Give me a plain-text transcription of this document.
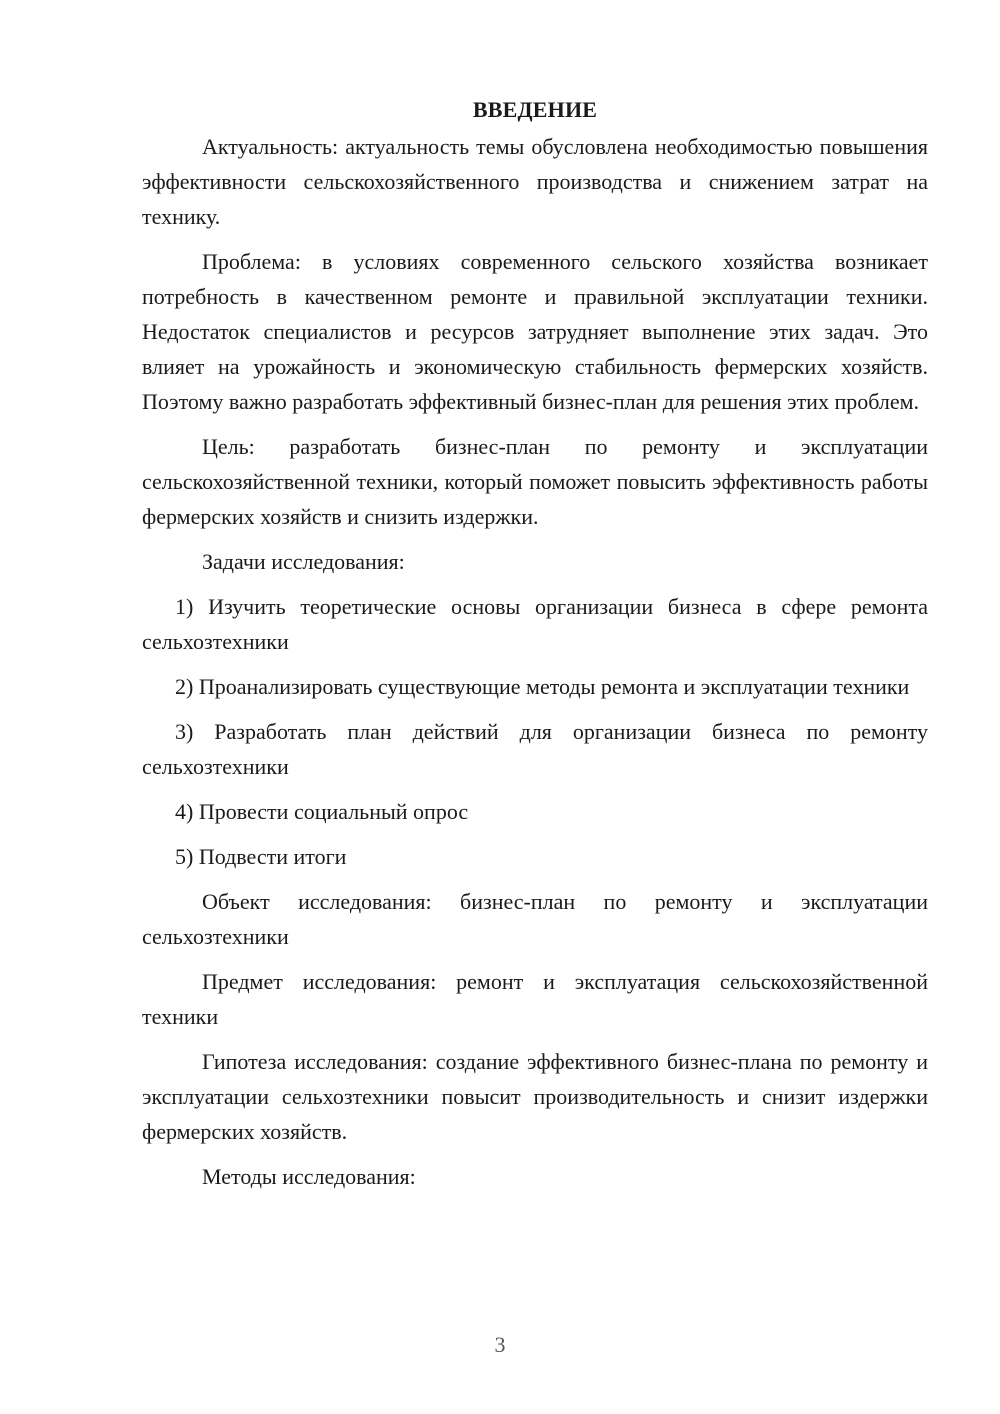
ВВЕДЕНИЕ

Актуальность: актуальность темы обусловлена необходимостью повышения эффективности сельскохозяйственного производства и снижением затрат на технику.

Проблема: в условиях современного сельского хозяйства возникает потребность в качественном ремонте и правильной эксплуатации техники. Недостаток специалистов и ресурсов затрудняет выполнение этих задач. Это влияет на урожайность и экономическую стабильность фермерских хозяйств. Поэтому важно разработать эффективный бизнес-план для решения этих проблем.

Цель: разработать бизнес-план по ремонту и эксплуатации сельскохозяйственной техники, который поможет повысить эффективность работы фермерских хозяйств и снизить издержки.

Задачи исследования:

1) Изучить теоретические основы организации бизнеса в сфере ремонта сельхозтехники

2) Проанализировать существующие методы ремонта и эксплуатации техники

3) Разработать план действий для организации бизнеса по ремонту сельхозтехники

4) Провести социальный опрос

5) Подвести итоги

Объект исследования: бизнес-план по ремонту и эксплуатации сельхозтехники

Предмет исследования: ремонт и эксплуатация сельскохозяйственной техники

Гипотеза исследования: создание эффективного бизнес-плана по ремонту и эксплуатации сельхозтехники повысит производительность и снизит издержки фермерских хозяйств.

Методы исследования:

3
